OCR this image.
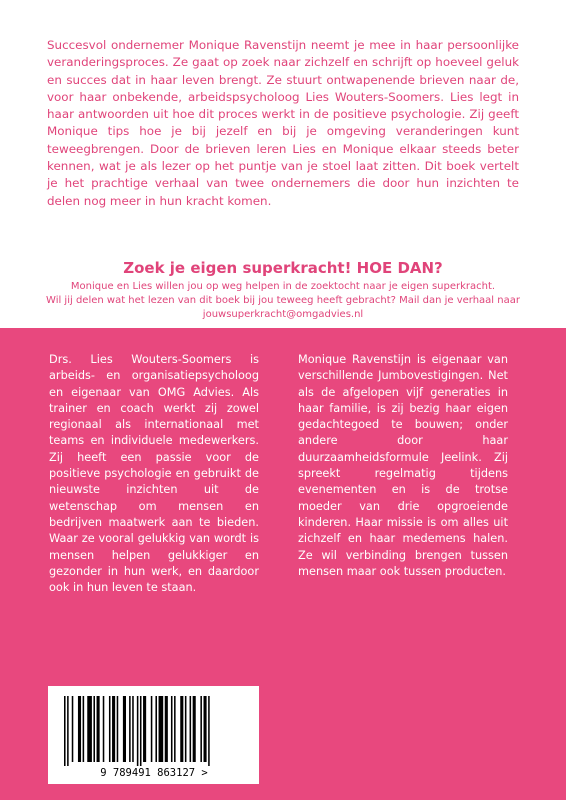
Succesvol ondernemer Monique Ravenstijn neemt je mee in haar persoonlijke veranderingsproces. Ze gaat op zoek naar zichzelf en schrijft op hoeveel geluk en succes dat in haar leven brengt. Ze stuurt ontwapenende brieven naar de, voor haar onbekende, arbeidspsycholoog Lies Wouters-Soomers. Lies legt in haar antwoorden uit hoe dit proces werkt in de positieve psychologie. Zij geeft Monique tips hoe je bij jezelf en bij je omgeving veranderingen kunt teweegbrengen. Door de brieven leren Lies en Monique elkaar steeds beter kennen, wat je als lezer op het puntje van je stoel laat zitten. Dit boek vertelt je het prachtige verhaal van twee ondernemers die door hun inzichten te delen nog meer in hun kracht komen.

Zoek je eigen superkracht! HOE DAN?

Monique en Lies willen jou op weg helpen in de zoektocht naar je eigen superkracht.

Wil jij delen wat het lezen van dit boek bij jou teweeg heeft gebracht? Mail dan je verhaal naar jouwsuperkracht@omgadvies.nl

Drs. Lies Wouters-Soomers is arbeids- en organisatiepsycholoog en eigenaar van OMG Advies. Als trainer en coach werkt zij zowel regionaal als internationaal met teams en individuele medewerkers. Zij heeft een passie voor de positieve psychologie en gebruikt de nieuwste inzichten uit de wetenschap om mensen en bedrijven maatwerk aan te bieden. Waar ze vooral gelukkig van wordt is mensen helpen gelukkiger en gezonder in hun werk, en daardoor ook in hun leven te staan.

Monique Ravenstijn is eigenaar van verschillende Jumbovestigingen. Net als de afgelopen vijf generaties in haar familie, is zij bezig haar eigen gedachtegoed te bouwen; onder andere door haar duurzaamheidsformule Jeelink. Zij spreekt regelmatig tijdens evenementen en is de trotse moeder van drie opgroeiende kinderen. Haar missie is om alles uit zichzelf en haar medemens halen. Ze wil verbinding brengen tussen mensen maar ook tussen producten.

9 789491 863127 >
